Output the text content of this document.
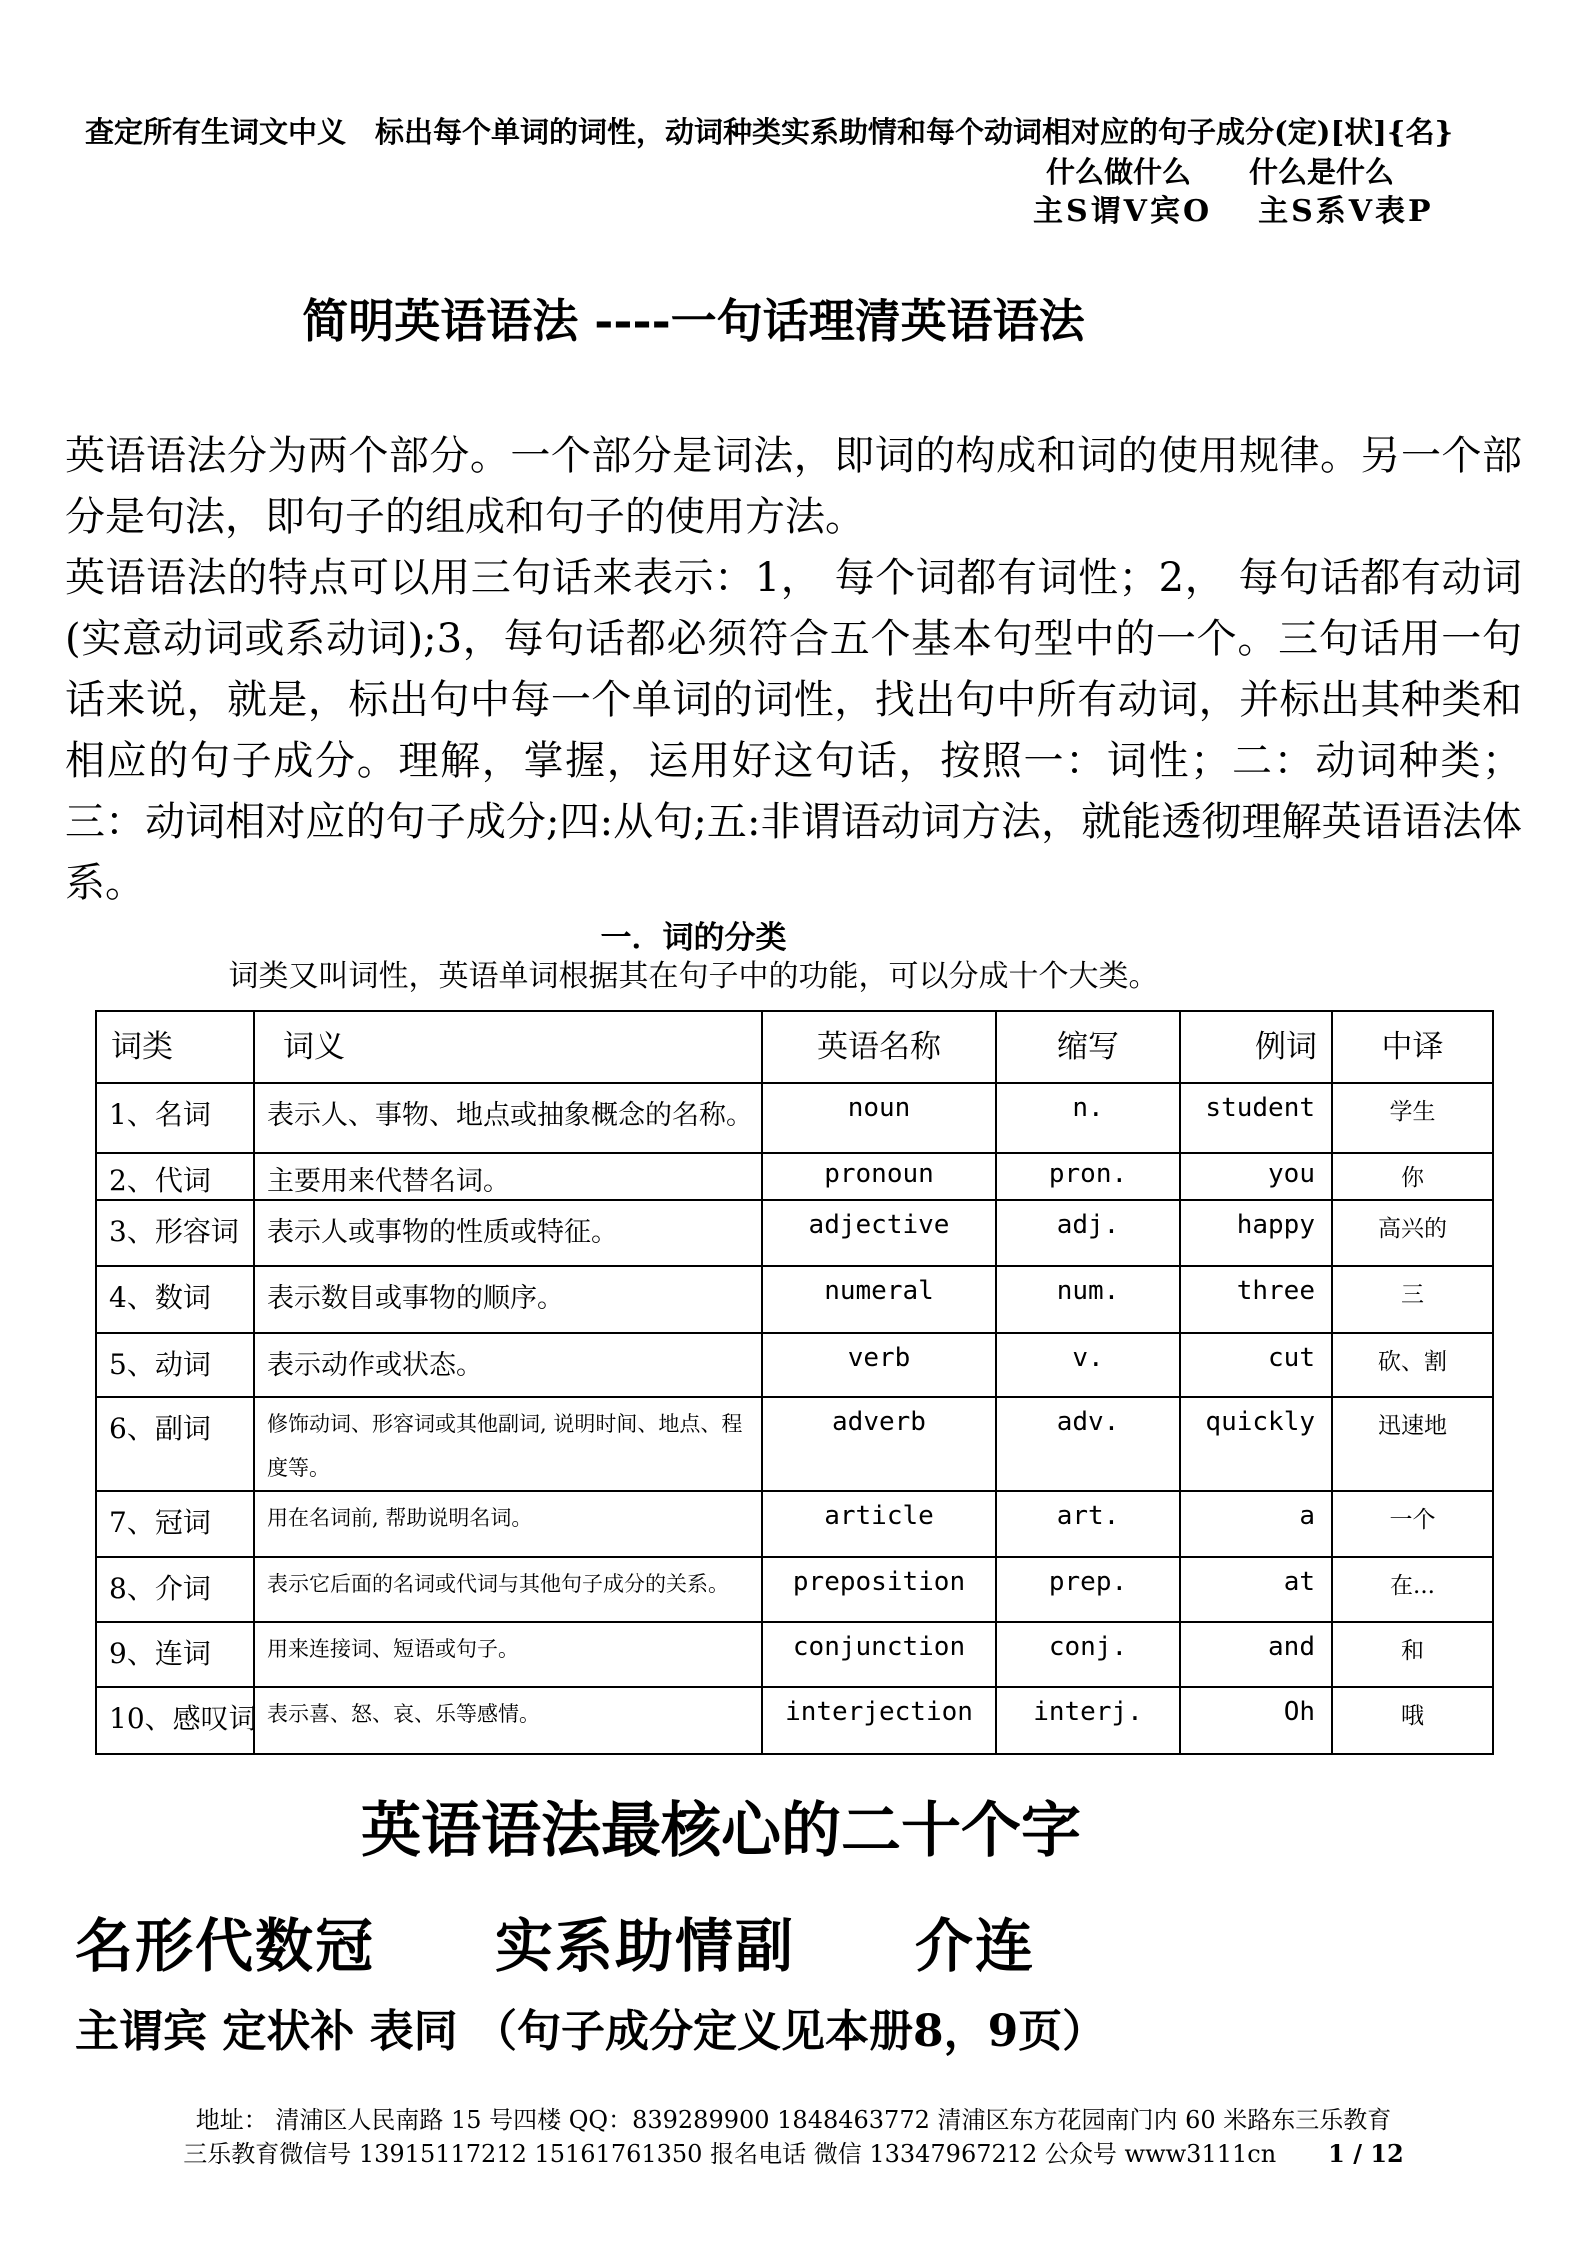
查定所有生词文中义　标出每个单词的词性，动词种类实系助情和每个动词相对应的句子成分(定)[状]{名}
什么做什么 什么是什么
主S谓V宾O 主S系V表P
简明英语语法 ----一句话理清英语语法

英语语法分为两个部分。一个部分是词法，即词的构成和词的使用规律。另一个部分是句法，即句子的组成和句子的使用方法。

英语语法的特点可以用三句话来表示：1， 每个词都有词性；2， 每句话都有动词(实意动词或系动词);3，每句话都必须符合五个基本句型中的一个。三句话用一句话来说，就是，标出句中每一个单词的词性，找出句中所有动词，并标出其种类和相应的句子成分。理解，掌握，运用好这句话，按照一：词性；二：动词种类；三：动词相对应的句子成分;四:从句;五:非谓语动词方法，就能透彻理解英语语法体系。

一．词的分类
词类又叫词性，英语单词根据其在句子中的功能，可以分成十个大类。
词类	词义	英语名称	缩写	例词	中译
1、名词	表示人、事物、地点或抽象概念的名称。	noun	n.	student	学生
2、代词	主要用来代替名词。	pronoun	pron.	you	你
3、形容词	表示人或事物的性质或特征。	adjective	adj.	happy	高兴的
4、数词	表示数目或事物的顺序。	numeral	num.	three	三
5、动词	表示动作或状态。	verb	v.	cut	砍、割
6、副词	修饰动词、形容词或其他副词, 说明时间、地点、程度等。	adverb	adv.	quickly	迅速地
7、冠词	用在名词前, 帮助说明名词。	article	art.	a	一个
8、介词	表示它后面的名词或代词与其他句子成分的关系。	preposition	prep.	at	在...
9、连词	用来连接词、短语或句子。	conjunction	conj.	and	和
10、感叹词	表示喜、怒、哀、乐等感情。	interjection	interj.	Oh	哦
英语语法最核心的二十个字
名形代数冠　　实系助情副　　介连
主谓宾 定状补 表同 （句子成分定义见本册8，9页）
地址： 清浦区人民南路 15 号四楼 QQ：839289900 1848463772 清浦区东方花园南门内 60 米路东三乐教育
三乐教育微信号 13915117212 15161761350 报名电话 微信 13347967212 公众号 www3111cn 1 / 12
